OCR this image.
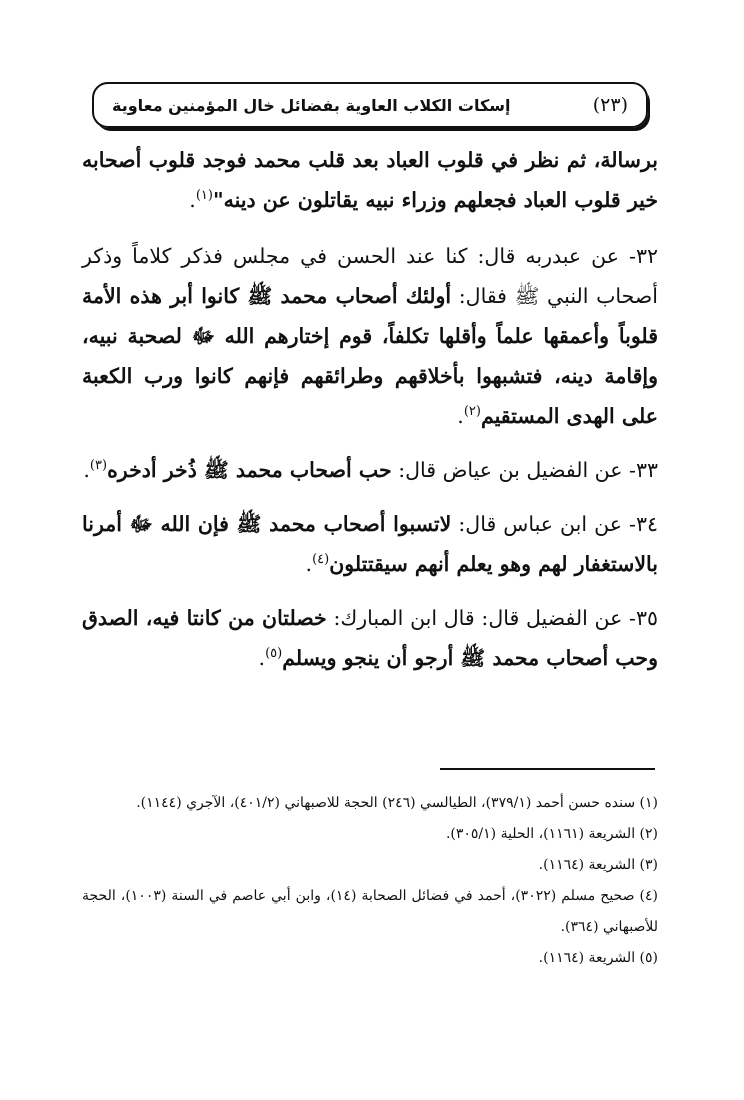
إسكات الكلاب العاوية بفضائل خال المؤمنين معاوية	(٢٣)

برسالة، ثم نظر في قلوب العباد بعد قلب محمد فوجد قلوب أصحابه خير قلوب العباد فجعلهم وزراء نبيه يقاتلون عن دينه"$^{(١)}$.

٣٢- عن عبدربه قال: كنا عند الحسن في مجلس فذكر كلاماً وذكر أصحاب النبي ﷺ فقال: أولئك أصحاب محمد ﷺ كانوا أبر هذه الأمة قلوباً وأعمقها علماً وأقلها تكلفاً، قوم إختارهم الله ﷻ لصحبة نبيه، وإقامة دينه، فتشبهوا بأخلاقهم وطرائقهم فإنهم كانوا ورب الكعبة على الهدى المستقيم$^{(٢)}$.

٣٣- عن الفضيل بن عياض قال: حب أصحاب محمد ﷺ ذُخر أدخره$^{(٣)}$.

٣٤- عن ابن عباس قال: لاتسبوا أصحاب محمد ﷺ فإن الله ﷻ أمرنا بالاستغفار لهم وهو يعلم أنهم سيقتتلون$^{(٤)}$.

٣٥- عن الفضيل قال: قال ابن المبارك: خصلتان من كانتا فيه، الصدق وحب أصحاب محمد ﷺ أرجو أن ينجو ويسلم$^{(٥)}$.

(١) سنده حسن أحمد (٣٧٩/١)، الطيالسي (٢٤٦) الحجة للاصبهاني (٤٠١/٢)، الآجري (١١٤٤).

(٢) الشريعة (١١٦١)، الحلية (٣٠٥/١).

(٣) الشريعة (١١٦٤).

(٤) صحيح مسلم (٣٠٢٢)، أحمد في فضائل الصحابة (١٤)، وابن أبي عاصم في السنة (١٠٠٣)، الحجة للأصبهاني (٣٦٤).

(٥) الشريعة (١١٦٤).
